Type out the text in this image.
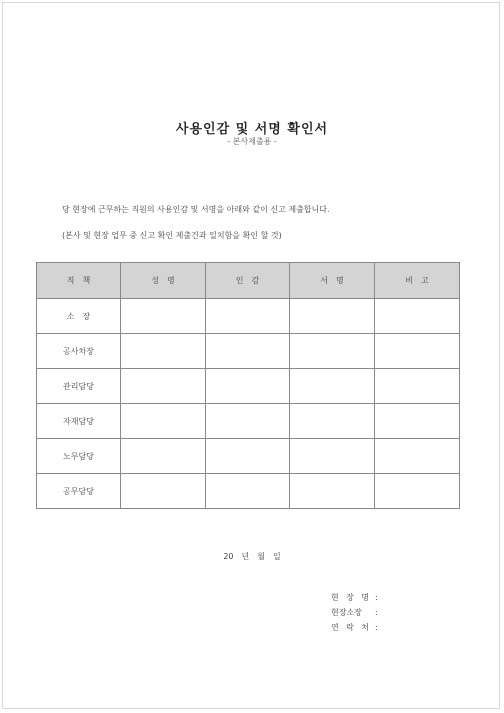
사용인감 및 서명 확인서
- 본사제출용 -
당 현장에 근무하는 직원의 사용인감 및 서명을 아래와 같이 신고 제출합니다.
(본사 및 현장 업무 중 신고 확인 제출건과 일치함을 확인 할 것)
직　책	성　명	인　감	서　명	비　고
소　장				
공사차장				
관리담당				
자재담당				
노무담당				
공무담당				
20　년　월　일
현 장 명 :
현장소장	:
연 락 처 :
